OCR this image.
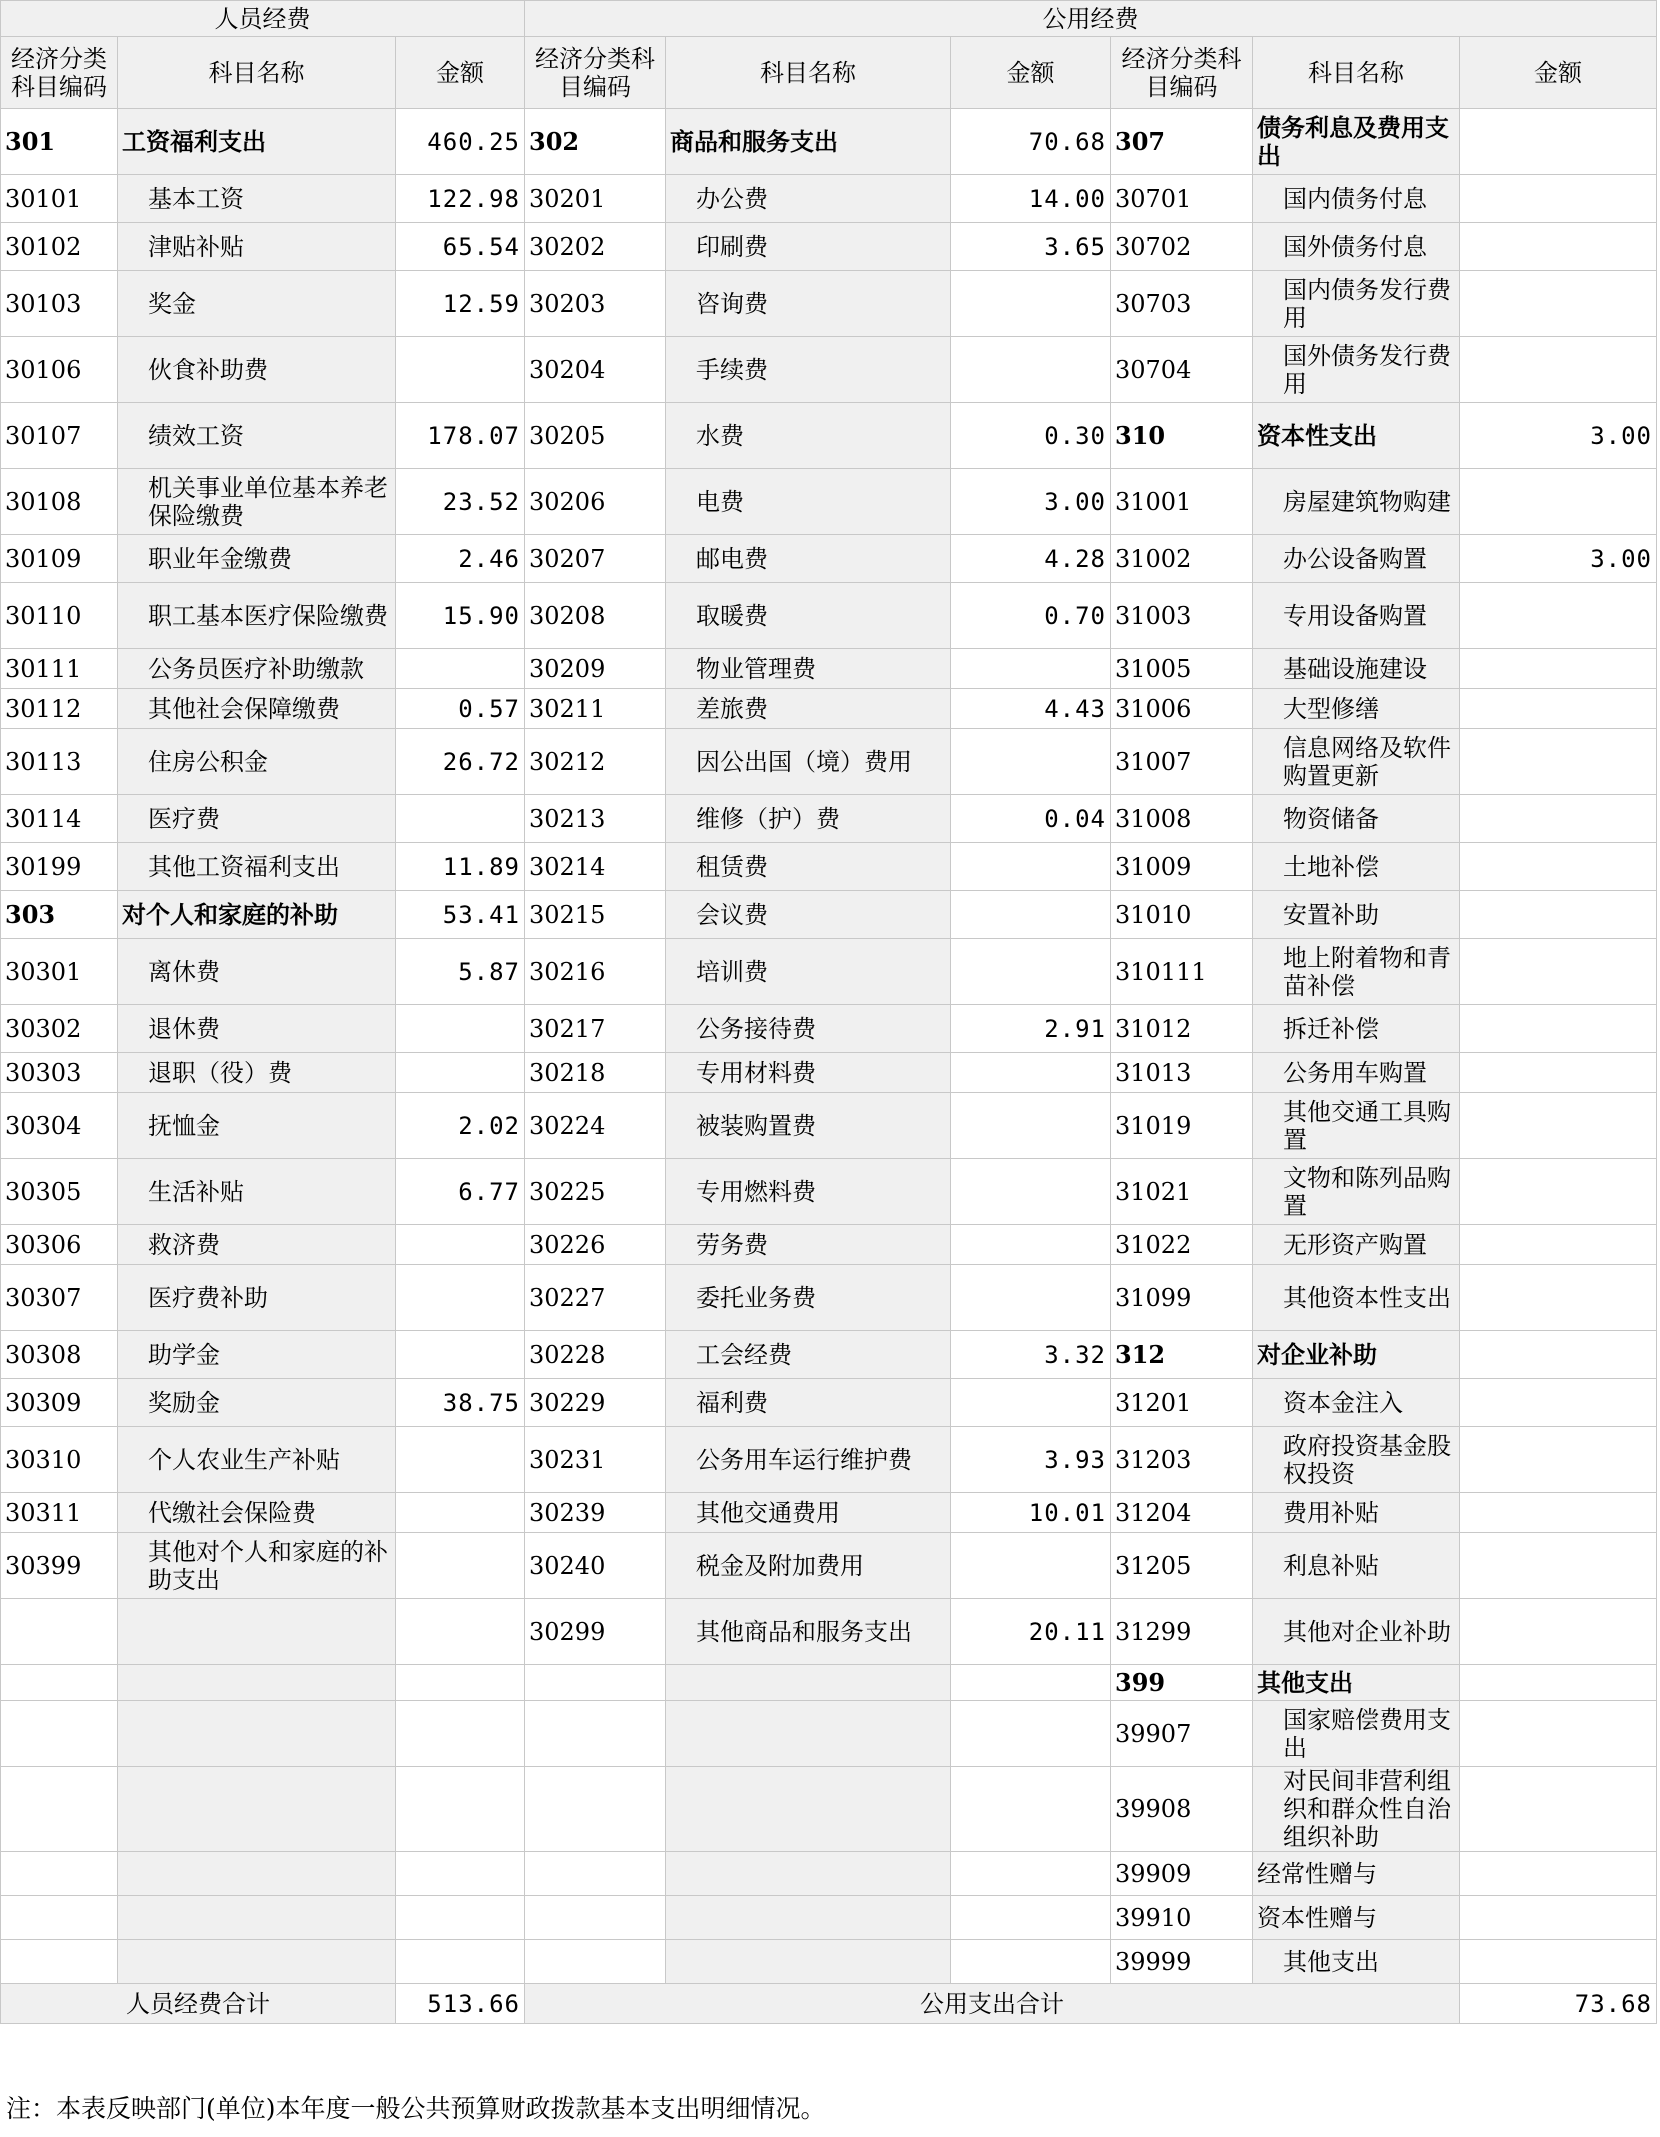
人员经费			公用经费					
经济分类科目编码	科目名称	金额	经济分类科目编码	科目名称	金额	经济分类科目编码	科目名称	金额
301	工资福利支出	460.25	302	商品和服务支出	70.68	307	债务利息及费用支出	
30101	基本工资	122.98	30201	办公费	14.00	30701	国内债务付息	
30102	津贴补贴	65.54	30202	印刷费	3.65	30702	国外债务付息	
30103	奖金	12.59	30203	咨询费		30703	国内债务发行费用	
30106	伙食补助费		30204	手续费		30704	国外债务发行费用	
30107	绩效工资	178.07	30205	水费	0.30	310	资本性支出	3.00
30108	机关事业单位基本养老保险缴费	23.52	30206	电费	3.00	31001	房屋建筑物购建	
30109	职业年金缴费	2.46	30207	邮电费	4.28	31002	办公设备购置	3.00
30110	职工基本医疗保险缴费	15.90	30208	取暖费	0.70	31003	专用设备购置	
30111	公务员医疗补助缴款		30209	物业管理费		31005	基础设施建设	
30112	其他社会保障缴费	0.57	30211	差旅费	4.43	31006	大型修缮	
30113	住房公积金	26.72	30212	因公出国（境）费用		31007	信息网络及软件购置更新	
30114	医疗费		30213	维修（护）费	0.04	31008	物资储备	
30199	其他工资福利支出	11.89	30214	租赁费		31009	土地补偿	
303	对个人和家庭的补助	53.41	30215	会议费		31010	安置补助	
30301	离休费	5.87	30216	培训费		310111	地上附着物和青苗补偿	
30302	退休费		30217	公务接待费	2.91	31012	拆迁补偿	
30303	退职（役）费		30218	专用材料费		31013	公务用车购置	
30304	抚恤金	2.02	30224	被装购置费		31019	其他交通工具购置	
30305	生活补贴	6.77	30225	专用燃料费		31021	文物和陈列品购置	
30306	救济费		30226	劳务费		31022	无形资产购置	
30307	医疗费补助		30227	委托业务费		31099	其他资本性支出	
30308	助学金		30228	工会经费	3.32	312	对企业补助	
30309	奖励金	38.75	30229	福利费		31201	资本金注入	
30310	个人农业生产补贴		30231	公务用车运行维护费	3.93	31203	政府投资基金股权投资	
30311	代缴社会保险费		30239	其他交通费用	10.01	31204	费用补贴	
30399	其他对个人和家庭的补助支出		30240	税金及附加费用		31205	利息补贴	
			30299	其他商品和服务支出	20.11	31299	其他对企业补助	
						399	其他支出	
						39907	国家赔偿费用支出	
						39908	对民间非营利组织和群众性自治组织补助	
						39909	经常性赠与	
						39910	资本性赠与	
						39999	其他支出	
人员经费合计		513.66	公用支出合计					73.68
注：本表反映部门(单位)本年度一般公共预算财政拨款基本支出明细情况。
